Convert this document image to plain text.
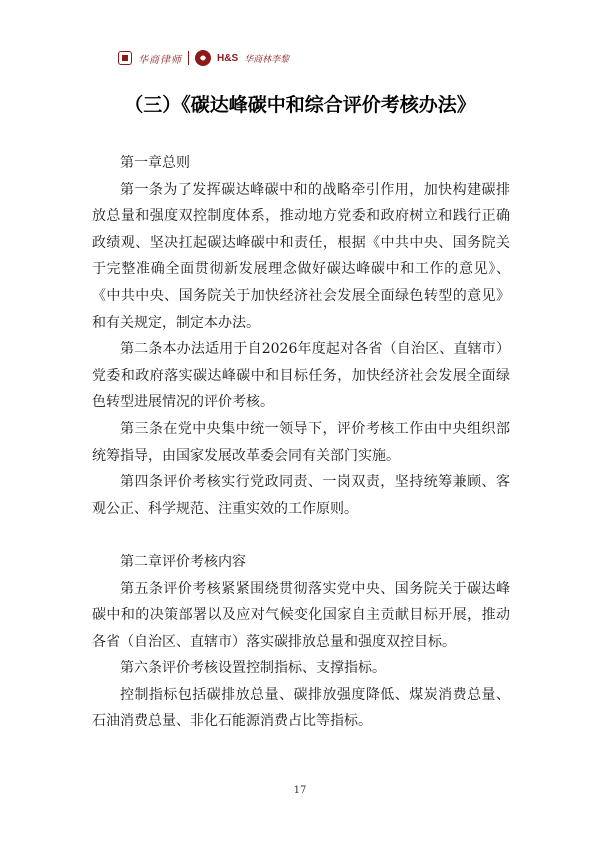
华商律师	H&S 华商林李黎
（三）《碳达峰碳中和综合评价考核办法》

第一章总则

第一条为了发挥碳达峰碳中和的战略牵引作用，加快构建碳排放总量和强度双控制度体系，推动地方党委和政府树立和践行正确政绩观、坚决扛起碳达峰碳中和责任，根据《中共中央、国务院关于完整准确全面贯彻新发展理念做好碳达峰碳中和工作的意见》、《中共中央、国务院关于加快经济社会发展全面绿色转型的意见》和有关规定，制定本办法。

第二条本办法适用于自2026年度起对各省（自治区、直辖市）党委和政府落实碳达峰碳中和目标任务，加快经济社会发展全面绿色转型进展情况的评价考核。

第三条在党中央集中统一领导下，评价考核工作由中央组织部统筹指导，由国家发展改革委会同有关部门实施。

第四条评价考核实行党政同责、一岗双责，坚持统筹兼顾、客观公正、科学规范、注重实效的工作原则。

第二章评价考核内容

第五条评价考核紧紧围绕贯彻落实党中央、国务院关于碳达峰碳中和的决策部署以及应对气候变化国家自主贡献目标开展，推动各省（自治区、直辖市）落实碳排放总量和强度双控目标。

第六条评价考核设置控制指标、支撑指标。

控制指标包括碳排放总量、碳排放强度降低、煤炭消费总量、石油消费总量、非化石能源消费占比等指标。

17
